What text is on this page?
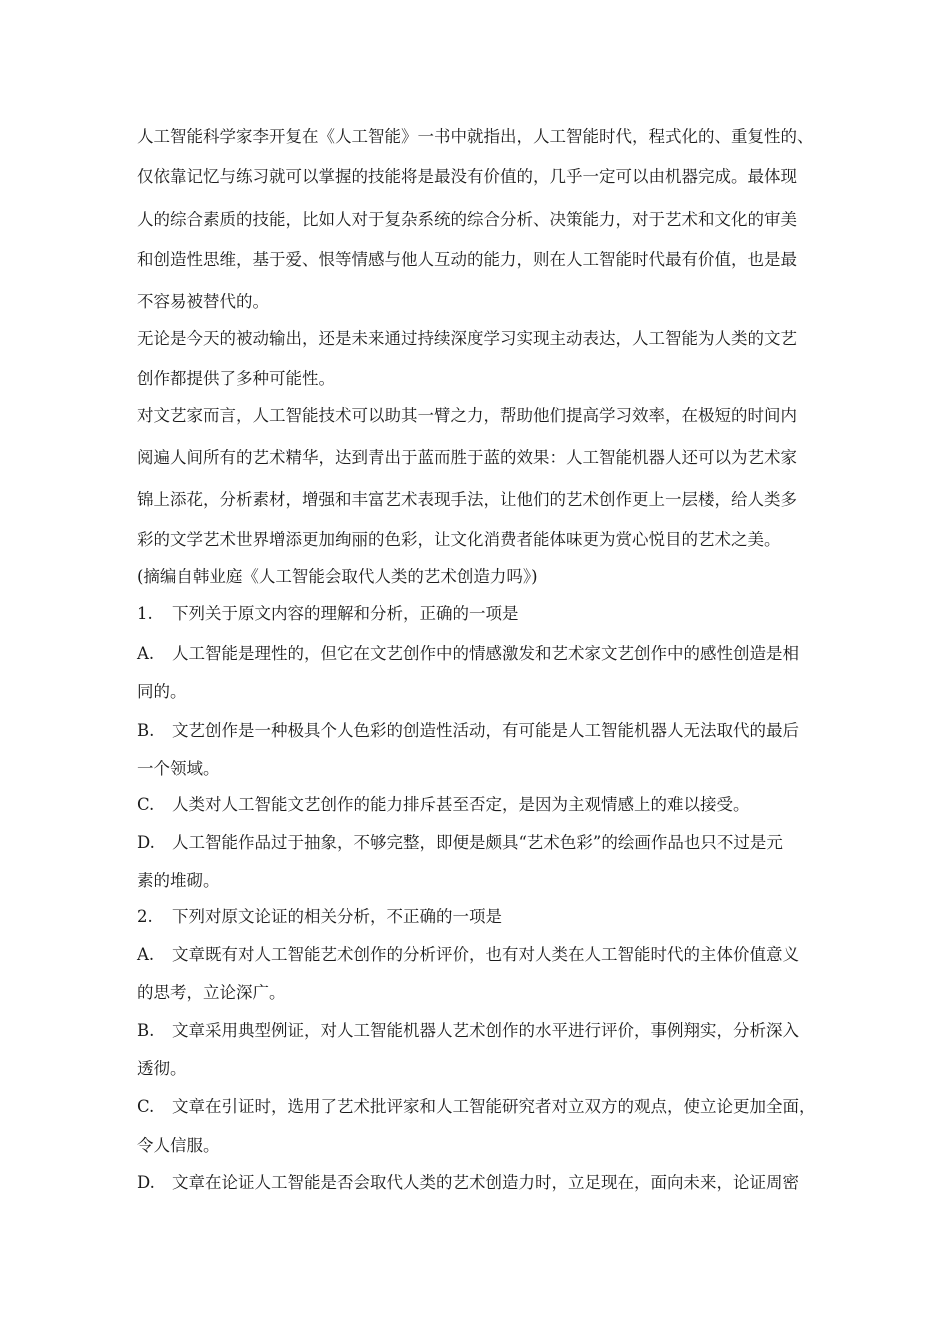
人工智能科学家李开复在《人工智能》一书中就指出，人工智能时代，程式化的、重复性的、
仅依靠记忆与练习就可以掌握的技能将是最没有价值的，几乎一定可以由机器完成。最体现
人的综合素质的技能，比如人对于复杂系统的综合分析、决策能力，对于艺术和文化的审美
和创造性思维，基于爱、恨等情感与他人互动的能力，则在人工智能时代最有价值，也是最
不容易被替代的。
无论是今天的被动输出，还是未来通过持续深度学习实现主动表达，人工智能为人类的文艺
创作都提供了多种可能性。
对文艺家而言，人工智能技术可以助其一臂之力，帮助他们提高学习效率，在极短的时间内
阅遍人间所有的艺术精华，达到青出于蓝而胜于蓝的效果：人工智能机器人还可以为艺术家
锦上添花，分析素材，增强和丰富艺术表现手法，让他们的艺术创作更上一层楼，给人类多
彩的文学艺术世界增添更加绚丽的色彩，让文化消费者能体味更为赏心悦目的艺术之美。
(摘编自韩业庭《人工智能会取代人类的艺术创造力吗》)
1. 下列关于原文内容的理解和分析，正确的一项是
A. 人工智能是理性的，但它在文艺创作中的情感激发和艺术家文艺创作中的感性创造是相
同的。
B. 文艺创作是一种极具个人色彩的创造性活动，有可能是人工智能机器人无法取代的最后
一个领域。
C. 人类对人工智能文艺创作的能力排斥甚至否定，是因为主观情感上的难以接受。
D. 人工智能作品过于抽象，不够完整，即便是颇具“艺术色彩”的绘画作品也只不过是元
素的堆砌。
2. 下列对原文论证的相关分析，不正确的一项是
A. 文章既有对人工智能艺术创作的分析评价，也有对人类在人工智能时代的主体价值意义
的思考，立论深广。
B. 文章采用典型例证，对人工智能机器人艺术创作的水平进行评价，事例翔实，分析深入
透彻。
C. 文章在引证时，选用了艺术批评家和人工智能研究者对立双方的观点，使立论更加全面，
令人信服。
D. 文章在论证人工智能是否会取代人类的艺术创造力时，立足现在，面向未来，论证周密
